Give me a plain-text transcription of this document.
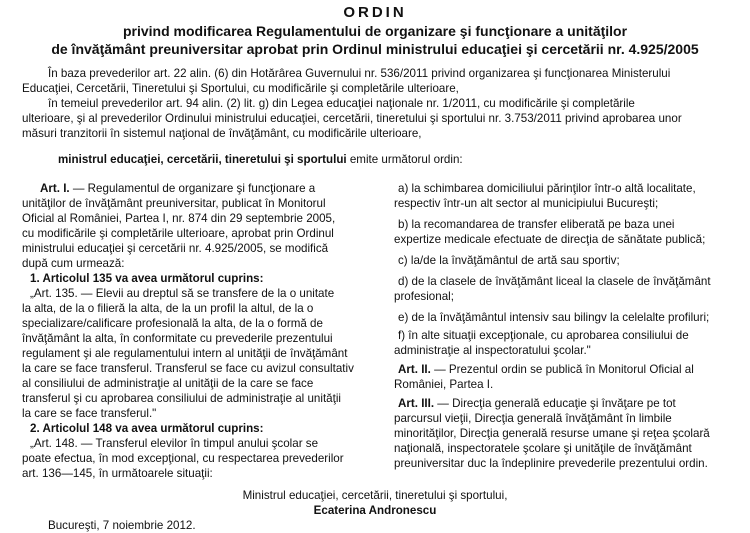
ORDIN
privind modificarea Regulamentului de organizare şi funcţionare a unităţilor
de învăţământ preuniversitar aprobat prin Ordinul ministrului educaţiei şi cercetării nr. 4.925/2005
În baza prevederilor art. 22 alin. (6) din Hotărârea Guvernului nr. 536/2011 privind organizarea şi funcţionarea Ministerului
Educaţiei, Cercetării, Tineretului şi Sportului, cu modificările şi completările ulterioare,
în temeiul prevederilor art. 94 alin. (2) lit. g) din Legea educaţiei naţionale nr. 1/2011, cu modificările şi completările
ulterioare, şi al prevederilor Ordinului ministrului educaţiei, cercetării, tineretului şi sportului nr. 3.753/2011 privind aprobarea unor
măsuri tranzitorii în sistemul naţional de învăţământ, cu modificările ulterioare,
ministrul educaţiei, cercetării, tineretului şi sportului emite următorul ordin:
Art. I. — Regulamentul de organizare şi funcţionare a
unităţilor de învăţământ preuniversitar, publicat în Monitorul
Oficial al României, Partea I, nr. 874 din 29 septembrie 2005,
cu modificările şi completările ulterioare, aprobat prin Ordinul
ministrului educaţiei şi cercetării nr. 4.925/2005, se modifică
după cum urmează:
1. Articolul 135 va avea următorul cuprins:
„Art. 135. — Elevii au dreptul să se transfere de la o unitate
la alta, de la o filieră la alta, de la un profil la altul, de la o
specializare/calificare profesională la alta, de la o formă de
învăţământ la alta, în conformitate cu prevederile prezentului
regulament şi ale regulamentului intern al unităţii de învăţământ
la care se face transferul. Transferul se face cu avizul consultativ
al consiliului de administraţie al unităţii de la care se face
transferul şi cu aprobarea consiliului de administraţie al unităţii
la care se face transferul."
2. Articolul 148 va avea următorul cuprins:
„Art. 148. — Transferul elevilor în timpul anului şcolar se
poate efectua, în mod excepţional, cu respectarea prevederilor
art. 136—145, în următoarele situaţii:
a) la schimbarea domiciliului părinţilor într-o altă localitate,
respectiv într-un alt sector al municipiului Bucureşti;
b) la recomandarea de transfer eliberată pe baza unei
expertize medicale efectuate de direcţia de sănătate publică;
c) la/de la învăţământul de artă sau sportiv;
d) de la clasele de învăţământ liceal la clasele de învăţământ
profesional;
e) de la învăţământul intensiv sau bilingv la celelalte profiluri;
f) în alte situaţii excepţionale, cu aprobarea consiliului de
administraţie al inspectoratului şcolar."
Art. II. — Prezentul ordin se publică în Monitorul Oficial al
României, Partea I.
Art. III. — Direcţia generală educaţie şi învăţare pe tot
parcursul vieţii, Direcţia generală învăţământ în limbile
minorităţilor, Direcţia generală resurse umane şi reţea şcolară
naţională, inspectoratele şcolare şi unităţile de învăţământ
preuniversitar duc la îndeplinire prevederile prezentului ordin.
Ministrul educaţiei, cercetării, tineretului şi sportului,
Ecaterina Andronescu
Bucureşti, 7 noiembrie 2012.
